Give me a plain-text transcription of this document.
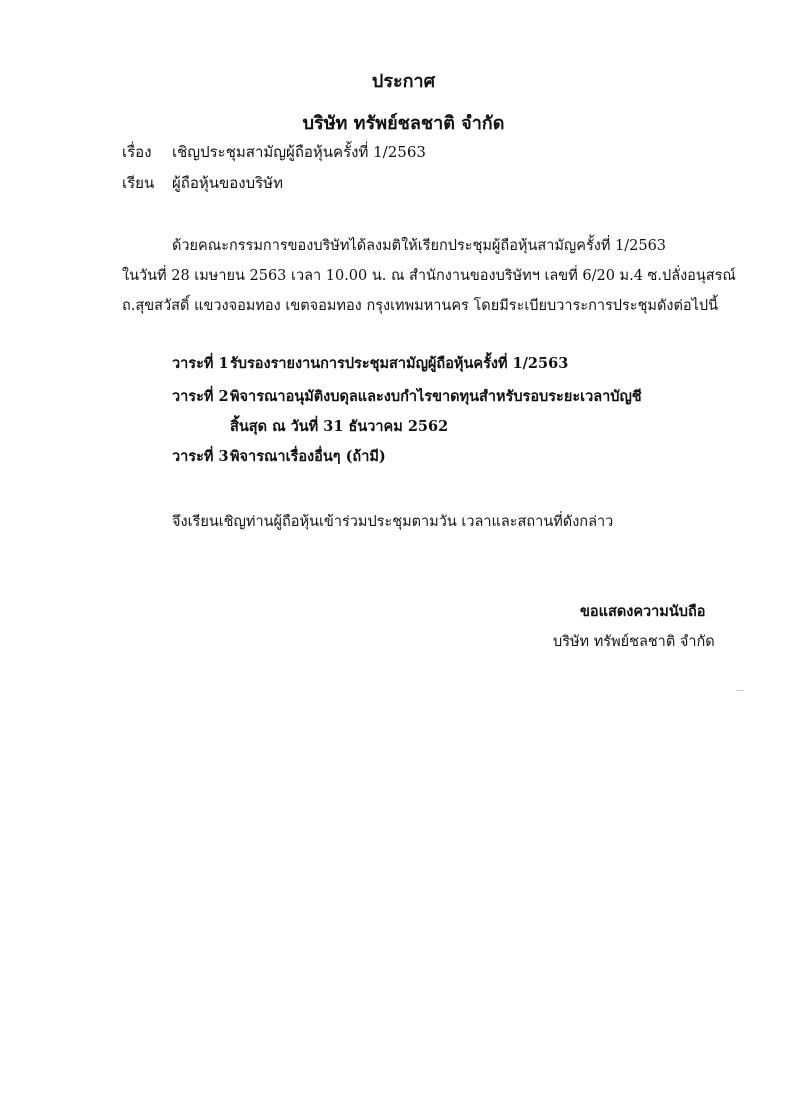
ประกาศ
บริษัท ทรัพย์ชลชาติ จำกัด
เรื่อง เชิญประชุมสามัญผู้ถือหุ้นครั้งที่ 1/2563
เรียน ผู้ถือหุ้นของบริษัท
ด้วยคณะกรรมการของบริษัทได้ลงมติให้เรียกประชุมผู้ถือหุ้นสามัญครั้งที่ 1/2563
ในวันที่ 28 เมษายน 2563 เวลา 10.00 น. ณ สำนักงานของบริษัทฯ เลขที่ 6/20 ม.4 ซ.ปลั่งอนุสรณ์
ถ.สุขสวัสดิ์ แขวงจอมทอง เขตจอมทอง กรุงเทพมหานคร โดยมีระเบียบวาระการประชุมดังต่อไปนี้
วาระที่ 1 รับรองรายงานการประชุมสามัญผู้ถือหุ้นครั้งที่ 1/2563
วาระที่ 2 พิจารณาอนุมัติงบดุลและงบกำไรขาดทุนสำหรับรอบระยะเวลาบัญชี
สิ้นสุด ณ วันที่ 31 ธันวาคม 2562
วาระที่ 3 พิจารณาเรื่องอื่นๆ (ถ้ามี)
จึงเรียนเชิญท่านผู้ถือหุ้นเข้าร่วมประชุมตามวัน เวลาและสถานที่ดังกล่าว
ขอแสดงความนับถือ
บริษัท ทรัพย์ชลชาติ จำกัด
